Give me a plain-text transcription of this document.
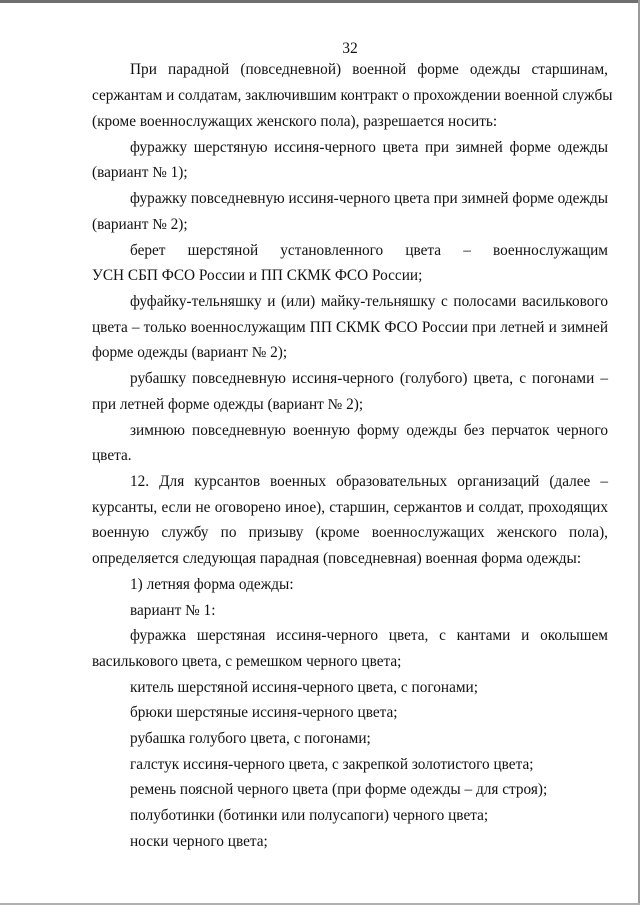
32
При парадной (повседневной) военной форме одежды старшинам,
сержантам и солдатам, заключившим контракт о прохождении военной службы
(кроме военнослужащих женского пола), разрешается носить:
фуражку шерстяную иссиня-черного цвета при зимней форме одежды
(вариант № 1);
фуражку повседневную иссиня-черного цвета при зимней форме одежды
(вариант № 2);
берет шерстяной установленного цвета – военнослужащим
УСН СБП ФСО России и ПП СКМК ФСО России;
фуфайку-тельняшку и (или) майку-тельняшку с полосами василькового
цвета – только военнослужащим ПП СКМК ФСО России при летней и зимней
форме одежды (вариант № 2);
рубашку повседневную иссиня-черного (голубого) цвета, с погонами –
при летней форме одежды (вариант № 2);
зимнюю повседневную военную форму одежды без перчаток черного
цвета.
12. Для курсантов военных образовательных организаций (далее –
курсанты, если не оговорено иное), старшин, сержантов и солдат, проходящих
военную службу по призыву (кроме военнослужащих женского пола),
определяется следующая парадная (повседневная) военная форма одежды:
1) летняя форма одежды:
вариант № 1:
фуражка шерстяная иссиня-черного цвета, с кантами и околышем
василькового цвета, с ремешком черного цвета;
китель шерстяной иссиня-черного цвета, с погонами;
брюки шерстяные иссиня-черного цвета;
рубашка голубого цвета, с погонами;
галстук иссиня-черного цвета, с закрепкой золотистого цвета;
ремень поясной черного цвета (при форме одежды – для строя);
полуботинки (ботинки или полусапоги) черного цвета;
носки черного цвета;
